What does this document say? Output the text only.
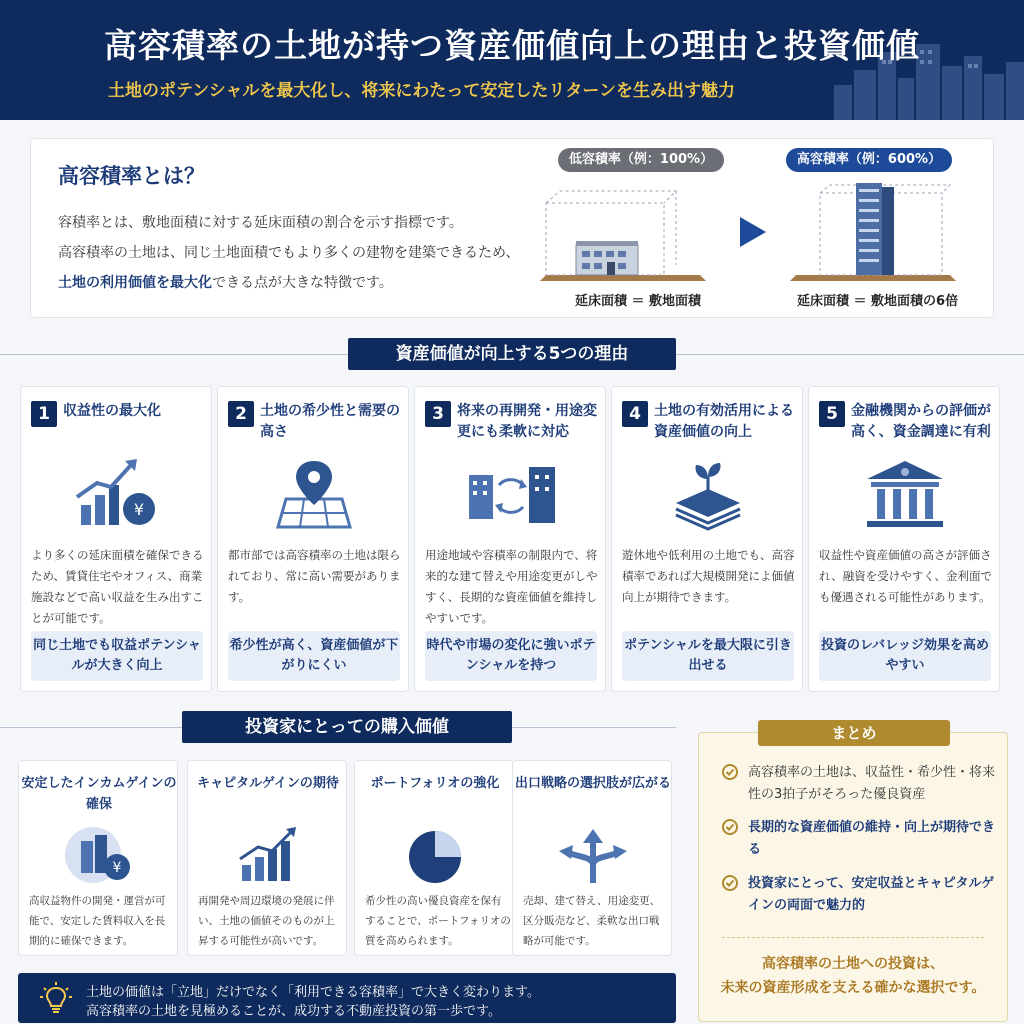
高容積率の土地が持つ資産価値向上の理由と投資価値
土地のポテンシャルを最大化し、将来にわたって安定したリターンを生み出す魅力
高容積率とは？
容積率とは、敷地面積に対する延床面積の割合を示す指標です。
高容積率の土地は、同じ土地面積でもより多くの建物を建築できるため、
土地の利用価値を最大化できる点が大きな特徴です。
低容積率（例：100%）	高容積率（例：600%）
延床面積 ＝ 敷地面積	延床面積 ＝ 敷地面積の6倍
資産価値が向上する5つの理由
1 収益性の最大化
¥
より多くの延床面積を確保できるため、賃貸住宅やオフィス、商業施設などで高い収益を生み出すことが可能です。
同じ土地でも収益ポテンシャルが大きく向上
2 土地の希少性と需要の高さ
都市部では高容積率の土地は限られており、常に高い需要があります。
希少性が高く、資産価値が下がりにくい
3 将来の再開発・用途変更にも柔軟に対応
用途地域や容積率の制限内で、将来的な建て替えや用途変更がしやすく、長期的な資産価値を維持しやすいです。
時代や市場の変化に強いポテンシャルを持つ
4 土地の有効活用による資産価値の向上
遊休地や低利用の土地でも、高容積率であれば大規模開発によ価値向上が期待できます。
ポテンシャルを最大限に引き出せる
5 金融機関からの評価が高く、資金調達に有利
収益性や資産価値の高さが評価され、融資を受けやすく、金利面でも優遇される可能性があります。
投資のレバレッジ効果を高めやすい
投資家にとっての購入価値
安定したインカムゲインの確保
¥
高収益物件の開発・運営が可能で、安定した賃料収入を長期的に確保できます。
キャピタルゲインの期待
再開発や周辺環境の発展に伴い、土地の価値そのものが上昇する可能性が高いです。
ポートフォリオの強化
希少性の高い優良資産を保有することで、ポートフォリオの質を高められます。
出口戦略の選択肢が広がる
売却、建て替え、用途変更、区分販売など、柔軟な出口戦略が可能です。
土地の価値は「立地」だけでなく「利用できる容積率」で大きく変わります。
高容積率の土地を見極めることが、成功する不動産投資の第一歩です。
まとめ
高容積率の土地は、収益性・希少性・将来性の3拍子がそろった優良資産
長期的な資産価値の維持・向上が期待できる
投資家にとって、安定収益とキャピタルゲインの両面で魅力的
高容積率の土地への投資は、
未来の資産形成を支える確かな選択です。
